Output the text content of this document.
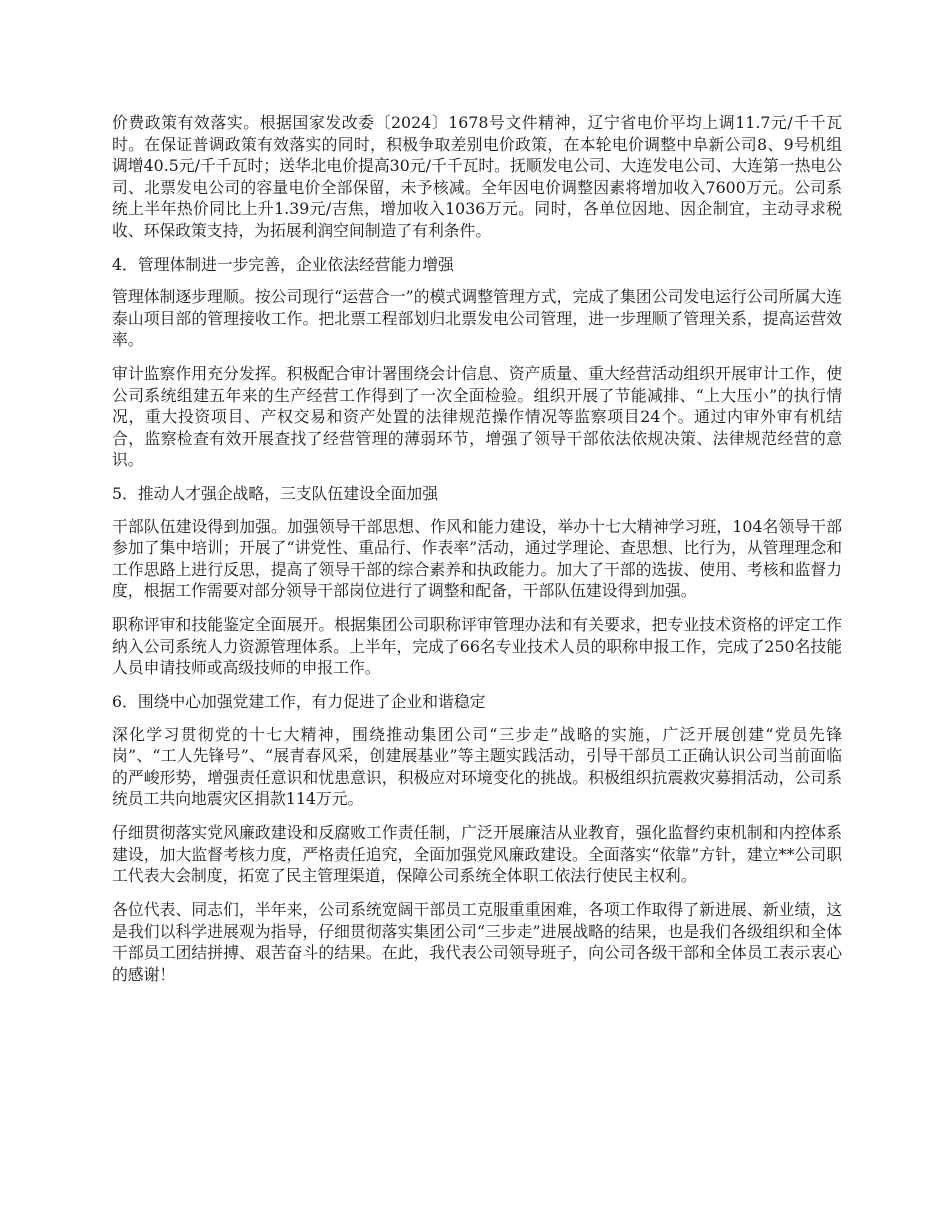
价费政策有效落实。根据国家发改委〔2024〕1678号文件精神，辽宁省电价平均上调11.7元/千千瓦时。在保证普调政策有效落实的同时，积极争取差别电价政策，在本轮电价调整中阜新公司8、9号机组调增40.5元/千千瓦时；送华北电价提高30元/千千瓦时。抚顺发电公司、大连发电公司、大连第一热电公司、北票发电公司的容量电价全部保留，未予核减。全年因电价调整因素将增加收入7600万元。公司系统上半年热价同比上升1.39元/吉焦，增加收入1036万元。同时，各单位因地、因企制宜，主动寻求税收、环保政策支持，为拓展利润空间制造了有利条件。

4．管理体制进一步完善，企业依法经营能力增强

管理体制逐步理顺。按公司现行“运营合一”的模式调整管理方式，完成了集团公司发电运行公司所属大连泰山项目部的管理接收工作。把北票工程部划归北票发电公司管理，进一步理顺了管理关系，提高运营效率。

审计监察作用充分发挥。积极配合审计署围绕会计信息、资产质量、重大经营活动组织开展审计工作，使公司系统组建五年来的生产经营工作得到了一次全面检验。组织开展了节能减排、“上大压小”的执行情况，重大投资项目、产权交易和资产处置的法律规范操作情况等监察项目24个。通过内审外审有机结合，监察检查有效开展查找了经营管理的薄弱环节，增强了领导干部依法依规决策、法律规范经营的意识。

5．推动人才强企战略，三支队伍建设全面加强

干部队伍建设得到加强。加强领导干部思想、作风和能力建设，举办十七大精神学习班，104名领导干部参加了集中培训；开展了“讲党性、重品行、作表率”活动，通过学理论、查思想、比行为，从管理理念和工作思路上进行反思，提高了领导干部的综合素养和执政能力。加大了干部的选拔、使用、考核和监督力度，根据工作需要对部分领导干部岗位进行了调整和配备，干部队伍建设得到加强。

职称评审和技能鉴定全面展开。根据集团公司职称评审管理办法和有关要求，把专业技术资格的评定工作纳入公司系统人力资源管理体系。上半年，完成了66名专业技术人员的职称申报工作，完成了250名技能人员申请技师或高级技师的申报工作。

6．围绕中心加强党建工作，有力促进了企业和谐稳定

深化学习贯彻党的十七大精神，围绕推动集团公司“三步走”战略的实施，广泛开展创建“党员先锋岗”、“工人先锋号”、“展青春风采，创建展基业”等主题实践活动，引导干部员工正确认识公司当前面临的严峻形势，增强责任意识和忧患意识，积极应对环境变化的挑战。积极组织抗震救灾募捐活动，公司系统员工共向地震灾区捐款114万元。

仔细贯彻落实党风廉政建设和反腐败工作责任制，广泛开展廉洁从业教育，强化监督约束机制和内控体系建设，加大监督考核力度，严格责任追究，全面加强党风廉政建设。全面落实“依靠”方针，建立**公司职工代表大会制度，拓宽了民主管理渠道，保障公司系统全体职工依法行使民主权利。

各位代表、同志们，半年来，公司系统宽阔干部员工克服重重困难，各项工作取得了新进展、新业绩，这是我们以科学进展观为指导，仔细贯彻落实集团公司“三步走”进展战略的结果，也是我们各级组织和全体干部员工团结拼搏、艰苦奋斗的结果。在此，我代表公司领导班子，向公司各级干部和全体员工表示衷心的感谢！
